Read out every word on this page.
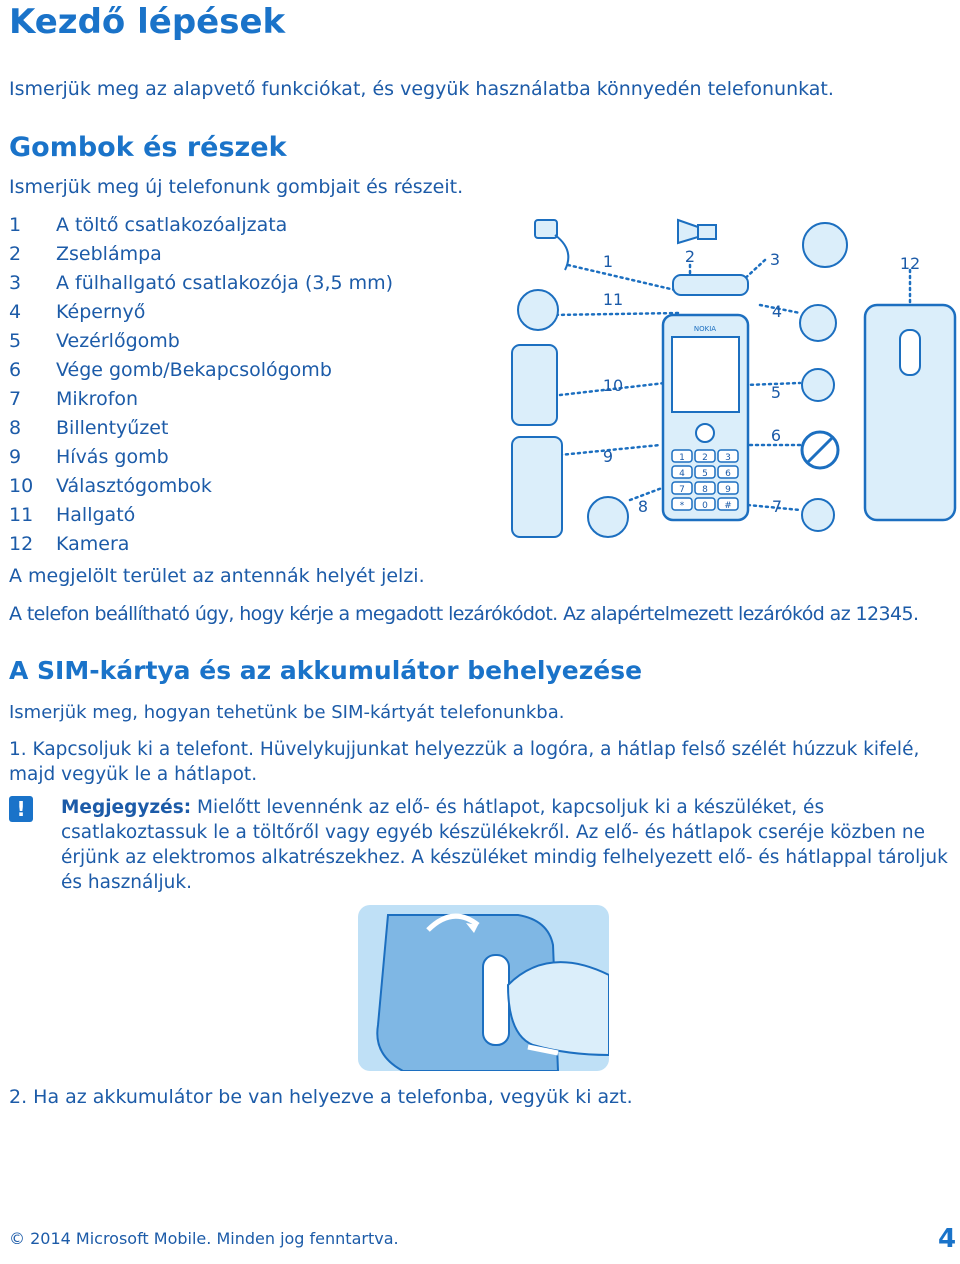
Kezdő lépések
Ismerjük meg az alapvető funkciókat, és vegyük használatba könnyedén telefonunkat.
Gombok és részek
Ismerjük meg új telefonunk gombjait és részeit.
1 A töltő csatlakozóaljzata
2 Zseblámpa
3 A fülhallgató csatlakozója (3,5 mm)
4 Képernyő
5 Vezérlőgomb
6 Vége gomb/Bekapcsológomb
7 Mikrofon
8 Billentyűzet
9 Hívás gomb
10 Választógombok
11 Hallgató
12 Kamera
NOKIA
1 2 3
4 5 6
7 8 9
* 0 #
1	2	3
4
5
6
7
8
9
10
11
12
A megjelölt terület az antennák helyét jelzi.
A telefon beállítható úgy, hogy kérje a megadott lezárókódot. Az alapértelmezett lezárókód az 12345.
A SIM-kártya és az akkumulátor behelyezése
Ismerjük meg, hogyan tehetünk be SIM-kártyát telefonunkba.
1. Kapcsoljuk ki a telefont. Hüvelykujjunkat helyezzük a logóra, a hátlap felső szélét húzzuk kifelé, majd vegyük le a hátlapot.
!	Megjegyzés: Mielőtt levennénk az elő- és hátlapot, kapcsoljuk ki a készüléket, és csatlakoztassuk le a töltőről vagy egyéb készülékekről. Az elő- és hátlapok cseréje közben ne érjünk az elektromos alkatrészekhez. A készüléket mindig felhelyezett elő- és hátlappal tároljuk és használjuk.
NOKIA
2. Ha az akkumulátor be van helyezve a telefonba, vegyük ki azt.
© 2014 Microsoft Mobile. Minden jog fenntartva.	4
